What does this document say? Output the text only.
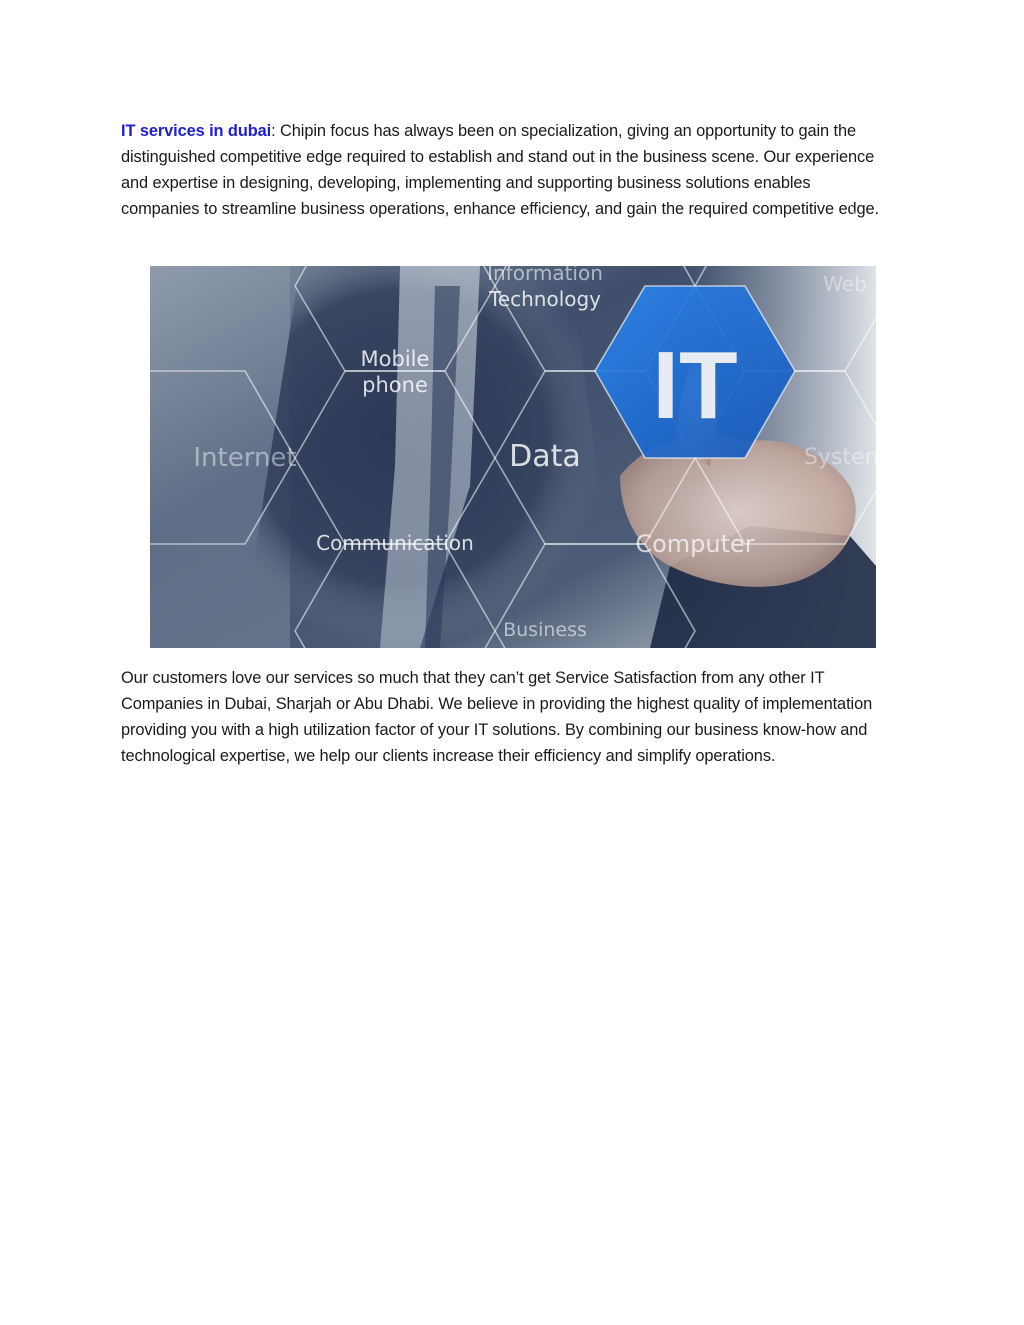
IT services in dubai: Chipin focus has always been on specialization, giving an opportunity to gain the distinguished competitive edge required to establish and stand out in the business scene. Our experience and expertise in designing, developing, implementing and supporting business solutions enables companies to streamline business operations, enhance efficiency, and gain the required competitive edge.

Information
Technology
Web
Mobile
phone IT
Internet	Data	System
Communication	Computer
Business

Our customers love our services so much that they can’t get Service Satisfaction from any other IT Companies in Dubai, Sharjah or Abu Dhabi. We believe in providing the highest quality of implementation providing you with a high utilization factor of your IT solutions. By combining our business know-how and technological expertise, we help our clients increase their efficiency and simplify operations.
